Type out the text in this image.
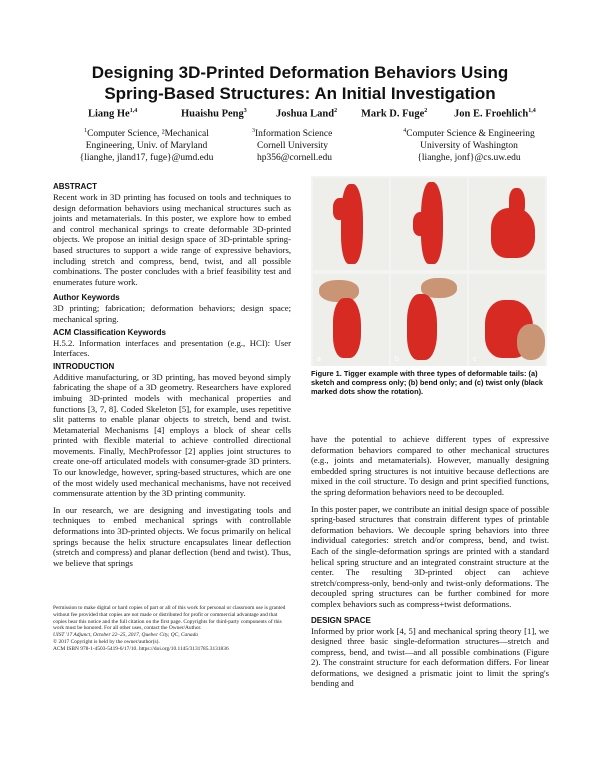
Designing 3D-Printed Deformation Behaviors Using
Spring-Based Structures: An Initial Investigation
Liang He$^{1,4}$	Huaishu Peng$^3$	Joshua Land$^2$ Mark D. Fuge$^2$	Jon E. Froehlich$^{1,4}$
$^1$Computer Science, ²Mechanical
Engineering, Univ. of Maryland
{lianghe, jland17, fuge}@umd.edu
$^3$Information Science
Cornell University
hp356@cornell.edu
$^4$Computer Science & Engineering
University of Washington
{lianghe, jonf}@cs.uw.edu
ABSTRACT

Recent work in 3D printing has focused on tools and techniques to design deformation behaviors using mechanical structures such as joints and metamaterials. In this poster, we explore how to embed and control mechanical springs to create deformable 3D-printed objects. We propose an initial design space of 3D-printable spring-based structures to support a wide range of expressive behaviors, including stretch and compress, bend, twist, and all possible combinations. The poster concludes with a brief feasibility test and enumerates future work.

Author Keywords

3D printing; fabrication; deformation behaviors; design space; mechanical spring.

ACM Classification Keywords

H.5.2. Information interfaces and presentation (e.g., HCI): User Interfaces.

INTRODUCTION

Additive manufacturing, or 3D printing, has moved beyond simply fabricating the shape of a 3D geometry. Researchers have explored imbuing 3D-printed models with mechanical properties and functions [3, 7, 8]. Coded Skeleton [5], for example, uses repetitive slit patterns to enable planar objects to stretch, bend and twist. Metamaterial Mechanisms [4] employs a block of shear cells printed with flexible material to achieve controlled directional movements. Finally, MechProfessor [2] applies joint structures to create one-off articulated models with consumer-grade 3D printers. To our knowledge, however, spring-based structures, which are one of the most widely used mechanical mechanisms, have not received commensurate attention by the 3D printing community.

In our research, we are designing and investigating tools and techniques to embed mechanical springs with controllable deformations into 3D-printed objects. We focus primarily on helical springs because the helix structure encapsulates linear deflection (stretch and compress) and planar deflection (bend and twist). Thus, we believe that springs

Permission to make digital or hard copies of part or all of this work for personal or classroom use is granted without fee provided that copies are not made or distributed for profit or commercial advantage and that copies bear this notice and the full citation on the first page. Copyrights for third-party components of this work must be honored. For all other uses, contact the Owner/Author.
UIST '17 Adjunct, October 22–25, 2017, Quebec City, QC, Canada
© 2017 Copyright is held by the owner/author(s).
ACM ISBN 978-1-4503-5419-6/17/10. https://doi.org/10.1145/3131785.3131836
a	b	c
Figure 1. Tigger example with three types of deformable tails: (a) sketch and compress only; (b) bend only; and (c) twist only (black marked dots show the rotation).

have the potential to achieve different types of expressive deformation behaviors compared to other mechanical structures (e.g., joints and metamaterials). However, manually designing embedded spring structures is not intuitive because deflections are mixed in the coil structure. To design and print specified functions, the spring deformation behaviors need to be decoupled.

In this poster paper, we contribute an initial design space of possible spring-based structures that constrain different types of printable deformation behaviors. We decouple spring behaviors into three individual categories: stretch and/or compress, bend, and twist. Each of the single-deformation springs are printed with a standard helical spring structure and an integrated constraint structure at the center. The resulting 3D-printed object can achieve stretch/compress-only, bend-only and twist-only deformations. The decoupled spring structures can be further combined for more complex behaviors such as compress+twist deformations.

DESIGN SPACE

Informed by prior work [4, 5] and mechanical spring theory [1], we designed three basic single-deformation structures—stretch and compress, bend, and twist—and all possible combinations (Figure 2). The constraint structure for each deformation differs. For linear deformations, we designed a prismatic joint to limit the spring's bending and
